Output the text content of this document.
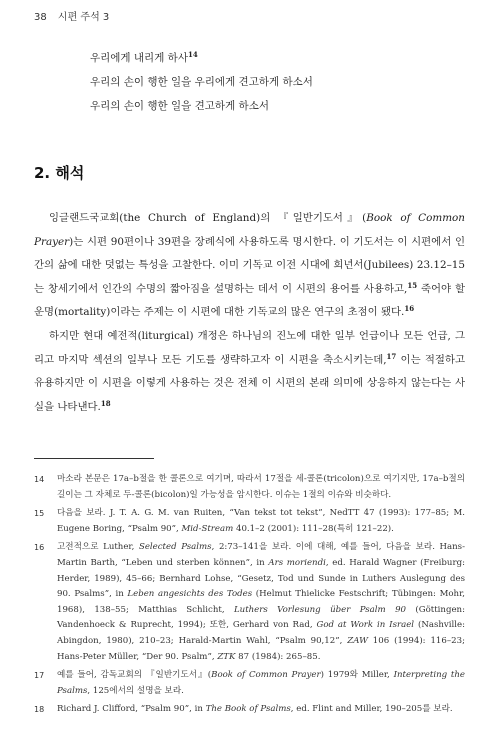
38 시편 주석 3

우리에게 내리게 하사$^{14}$

우리의 손이 행한 일을 우리에게 견고하게 하소서

우리의 손이 행한 일을 견고하게 하소서

2. 해석

잉글랜드국교회(the Church of England)의 『일반기도서』(Book of Common Prayer)는 시편 90편이나 39편을 장례식에 사용하도록 명시한다. 이 기도서는 이 시편에서 인간의 삶에 대한 덧없는 특성을 고찰한다. 이미 기독교 이전 시대에 희년서(Jubilees) 23.12–15는 창세기에서 인간의 수명의 짧아짐을 설명하는 데서 이 시편의 용어를 사용하고,$^{15}$ 죽어야 할 운명(mortality)이라는 주제는 이 시편에 대한 기독교의 많은 연구의 초점이 됐다.$^{16}$

하지만 현대 예전적(liturgical) 개정은 하나님의 진노에 대한 일부 언급이나 모든 언급, 그리고 마지막 섹션의 일부나 모든 기도를 생략하고자 이 시편을 축소시키는데,$^{17}$ 이는 적절하고 유용하지만 이 시편을 이렇게 사용하는 것은 전체 이 시편의 본래 의미에 상응하지 않는다는 사실을 나타낸다.$^{18}$

14	마소라 본문은 17a–b절을 한 콜론으로 여기며, 따라서 17절을 세-콜론(tricolon)으로 여기지만, 17a–b절의 길이는 그 자체로 두-콜론(bicolon)일 가능성을 암시한다. 이슈는 1절의 이슈와 비슷하다.
15	다음을 보라. J. T. A. G. M. van Ruiten, “Van tekst tot tekst”, NedTT 47 (1993): 177–85; M. Eugene Boring, “Psalm 90”, Mid-Stream 40.1–2 (2001): 111–28(특히 121–22).
16	고전적으로 Luther, Selected Psalms, 2:73–141을 보라. 이에 대해, 예를 들어, 다음을 보라. Hans-Martin Barth, “Leben und sterben können”, in Ars moriendi, ed. Harald Wagner (Freiburg: Herder, 1989), 45–66; Bernhard Lohse, “Gesetz, Tod und Sunde in Luthers Auslegung des 90. Psalms”, in Leben angesichts des Todes (Helmut Thielicke Festschrift; Tübingen: Mohr, 1968), 138–55; Matthias Schlicht, Luthers Vorlesung über Psalm 90 (Göttingen: Vandenhoeck & Ruprecht, 1994); 또한, Gerhard von Rad, God at Work in Israel (Nashville: Abingdon, 1980), 210–23; Harald-Martin Wahl, “Psalm 90,12”, ZAW 106 (1994): 116–23; Hans-Peter Müller, “Der 90. Psalm”, ZTK 87 (1984): 265–85.
17	예를 들어, 감독교회의 『일반기도서』(Book of Common Prayer) 1979와 Miller, Interpreting the Psalms, 125에서의 설명을 보라.
18	Richard J. Clifford, “Psalm 90”, in The Book of Psalms, ed. Flint and Miller, 190–205를 보라.
